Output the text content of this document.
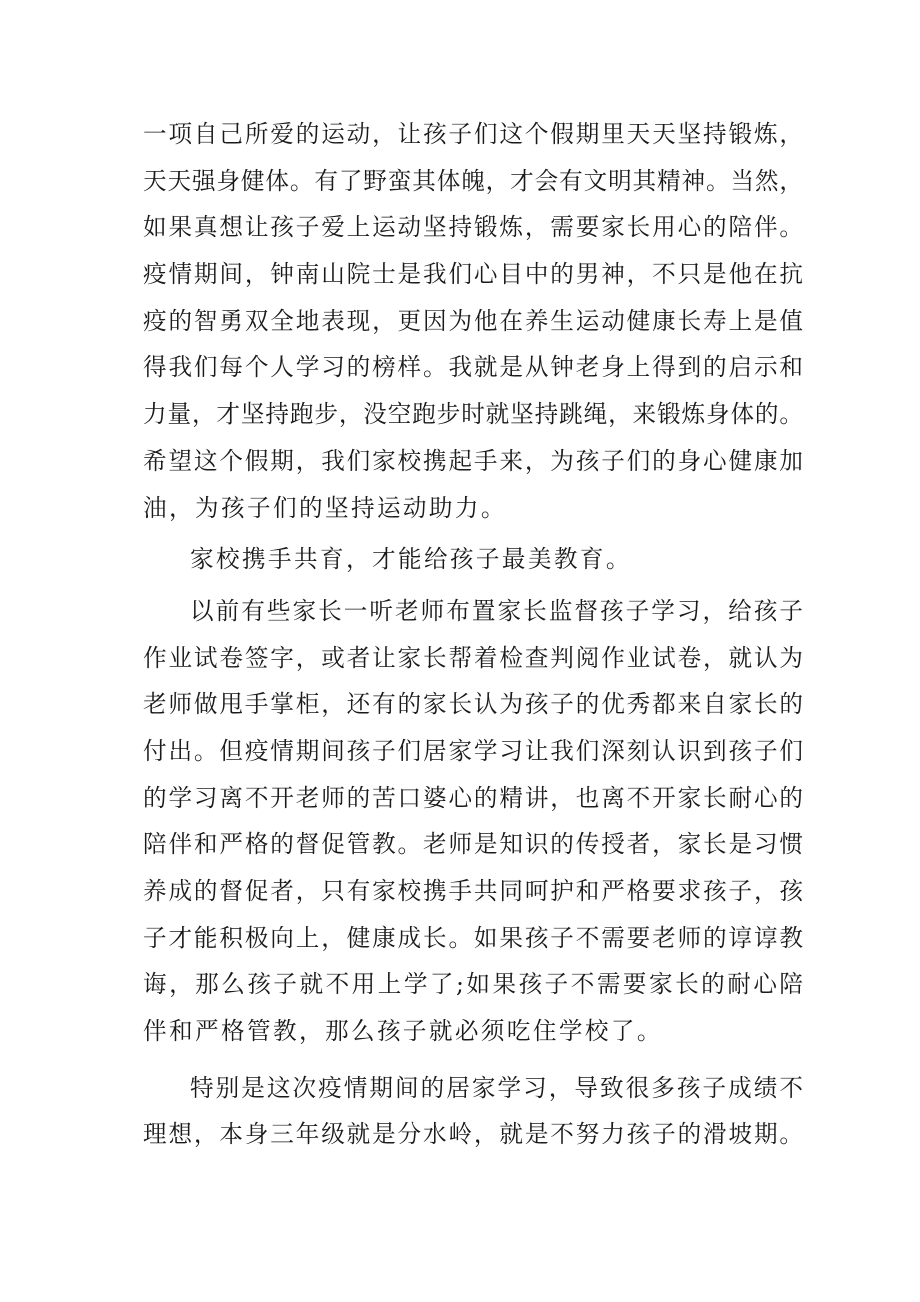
一项自己所爱的运动，让孩子们这个假期里天天坚持锻炼，
天天强身健体。有了野蛮其体魄，才会有文明其精神。当然，
如果真想让孩子爱上运动坚持锻炼，需要家长用心的陪伴。
疫情期间，钟南山院士是我们心目中的男神，不只是他在抗
疫的智勇双全地表现，更因为他在养生运动健康长寿上是值
得我们每个人学习的榜样。我就是从钟老身上得到的启示和
力量，才坚持跑步，没空跑步时就坚持跳绳，来锻炼身体的。
希望这个假期，我们家校携起手来，为孩子们的身心健康加
油，为孩子们的坚持运动助力。
家校携手共育，才能给孩子最美教育。
以前有些家长一听老师布置家长监督孩子学习，给孩子
作业试卷签字，或者让家长帮着检查判阅作业试卷，就认为
老师做甩手掌柜，还有的家长认为孩子的优秀都来自家长的
付出。但疫情期间孩子们居家学习让我们深刻认识到孩子们
的学习离不开老师的苦口婆心的精讲，也离不开家长耐心的
陪伴和严格的督促管教。老师是知识的传授者，家长是习惯
养成的督促者，只有家校携手共同呵护和严格要求孩子，孩
子才能积极向上，健康成长。如果孩子不需要老师的谆谆教
诲，那么孩子就不用上学了;如果孩子不需要家长的耐心陪
伴和严格管教，那么孩子就必须吃住学校了。
特别是这次疫情期间的居家学习，导致很多孩子成绩不
理想，本身三年级就是分水岭，就是不努力孩子的滑坡期。
